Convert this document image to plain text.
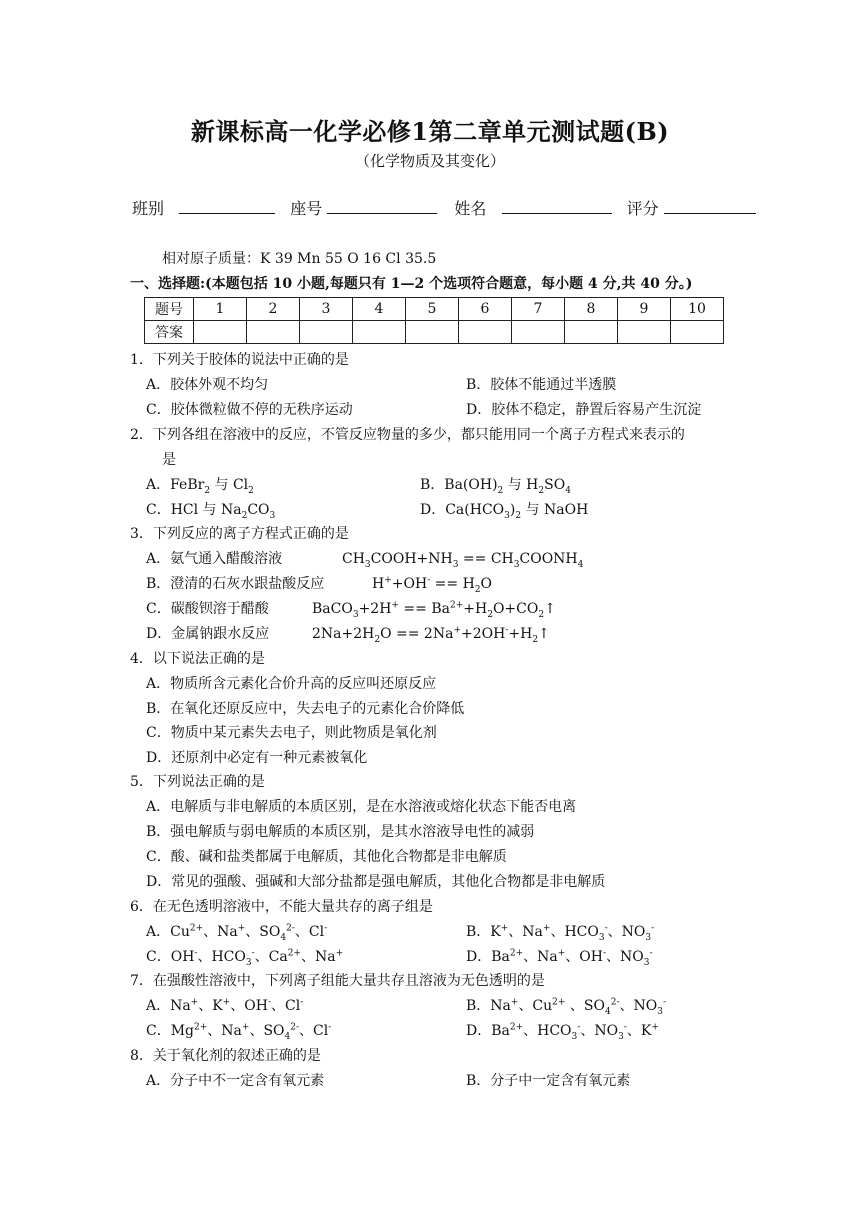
新课标高一化学必修1第二章单元测试题(B)
（化学物质及其变化）
班别	座号	姓名	评分
相对原子质量：K 39 Mn 55 O 16 Cl 35.5
一、选择题:(本题包括 10 小题,每题只有 1—2 个选项符合题意，每小题 4 分,共 40 分。)
题号	1	2	3	4	5	6	7	8	9	10
答案										
1．下列关于胶体的说法中正确的是
A．胶体外观不均匀	B．胶体不能通过半透膜
C．胶体微粒做不停的无秩序运动	D．胶体不稳定，静置后容易产生沉淀
2．下列各组在溶液中的反应，不管反应物量的多少，都只能用同一个离子方程式来表示的
是
A．FeBr$_2$ 与 $Cl_2$	B．$Ba(OH)_2$ 与 $H_2SO_4$
C．HCl 与 $Na_2CO_3$	D．$Ca(HCO_3)_2$ 与 NaOH
3．下列反应的离子方程式正确的是
A．氨气通入醋酸溶液	$CH_3COOH+NH_3$ == $CH_3COONH_4$
B．澄清的石灰水跟盐酸反应	$H^++OH^- == H_2O$
C．碳酸钡溶于醋酸	BaCO$_3$+2H+ == $Ba^{2+}+H_2O+CO_2↑$
D．金属钠跟水反应	$2Na+2H_2O$ == $2Na^++2OH^-+H_2↑$
4．以下说法正确的是
A．物质所含元素化合价升高的反应叫还原反应
B．在氧化还原反应中，失去电子的元素化合价降低
C．物质中某元素失去电子，则此物质是氧化剂
D．还原剂中必定有一种元素被氧化
5．下列说法正确的是
A．电解质与非电解质的本质区别，是在水溶液或熔化状态下能否电离
B．强电解质与弱电解质的本质区别，是其水溶液导电性的减弱
C．酸、碱和盐类都属于电解质，其他化合物都是非电解质
D．常见的强酸、强碱和大部分盐都是强电解质，其他化合物都是非电解质
6．在无色透明溶液中，不能大量共存的离子组是
A．$Cu^{2+}$、Na+、$SO_4^{2-}$、Cl-	B．K+、Na+、$HCO_3^-$、$NO_3^-$
C．OH-、$HCO_3^-$、$Ca^{2+}$、Na+	D．$Ba^{2+}$、Na+、OH-、$NO_3^-$
7．在强酸性溶液中，下列离子组能大量共存且溶液为无色透明的是
A．Na+、K+、OH-、Cl-	B．Na+、$Cu^{2+}$ 、$SO_4^{2-}$、$NO_3^-$
C．$Mg^{2+}$、Na+、$SO_4^{2-}$、Cl-	D．$Ba^{2+}$、$HCO_3^-$、$NO_3^-$、K+
8．关于氧化剂的叙述正确的是
A．分子中不一定含有氧元素	B．分子中一定含有氧元素
